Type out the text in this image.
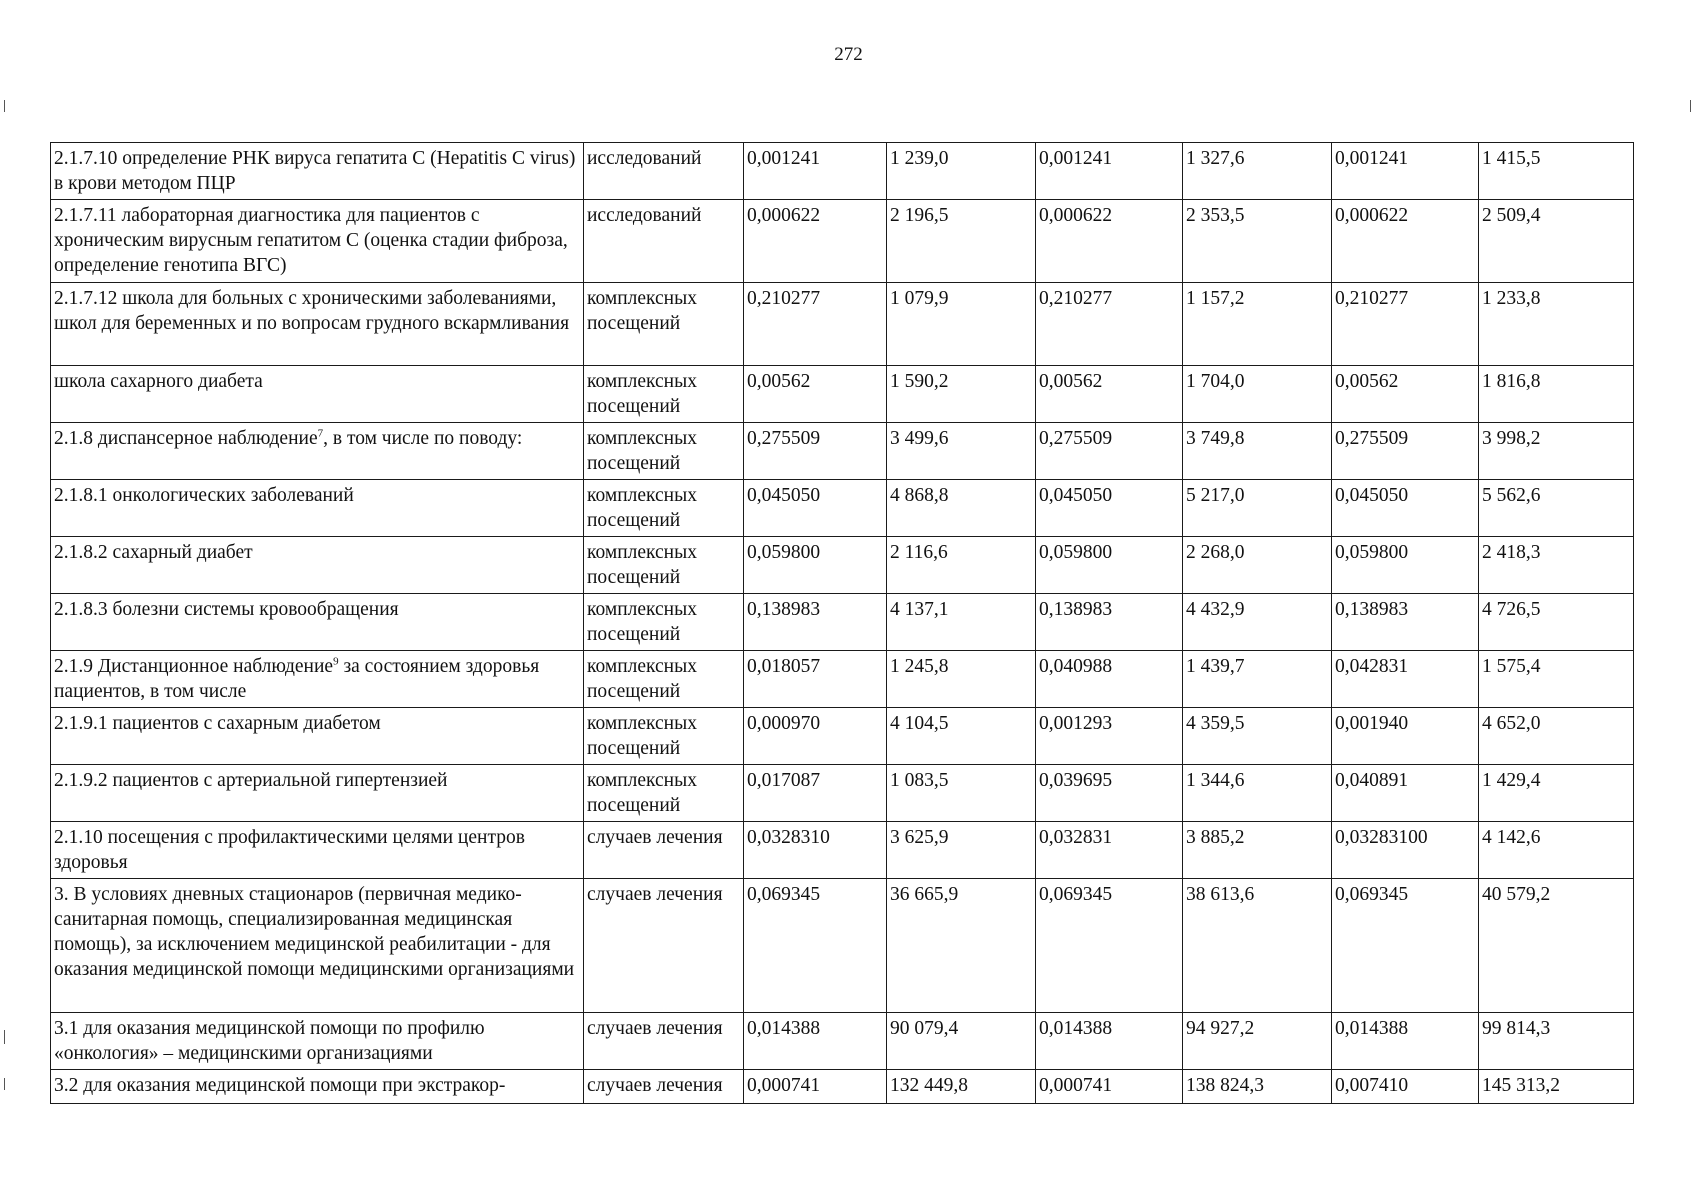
272
2.1.7.10 определение РНК вируса гепатита С (Hepatitis C virus) в крови методом ПЦР	исследований	0,001241	1 239,0	0,001241	1 327,6	0,001241	1 415,5
2.1.7.11 лабораторная диагностика для пациентов с хроническим вирусным гепатитом С (оценка стадии фиброза, определение генотипа ВГС)	исследований	0,000622	2 196,5	0,000622	2 353,5	0,000622	2 509,4
2.1.7.12 школа для больных с хроническими заболеваниями, школ для беременных и по вопросам грудного вскармливания	комплексных посещений	0,210277	1 079,9	0,210277	1 157,2	0,210277	1 233,8
школа сахарного диабета	комплексных посещений	0,00562	1 590,2	0,00562	1 704,0	0,00562	1 816,8
2.1.8 диспансерное наблюдение$^7$, в том числе по поводу:	комплексных посещений	0,275509	3 499,6	0,275509	3 749,8	0,275509	3 998,2
2.1.8.1 онкологических заболеваний	комплексных посещений	0,045050	4 868,8	0,045050	5 217,0	0,045050	5 562,6
2.1.8.2 сахарный диабет	комплексных посещений	0,059800	2 116,6	0,059800	2 268,0	0,059800	2 418,3
2.1.8.3 болезни системы кровообращения	комплексных посещений	0,138983	4 137,1	0,138983	4 432,9	0,138983	4 726,5
2.1.9 Дистанционное наблюдение$^9$ за состоянием здоровья пациентов, в том числе	комплексных посещений	0,018057	1 245,8	0,040988	1 439,7	0,042831	1 575,4
2.1.9.1 пациентов с сахарным диабетом	комплексных посещений	0,000970	4 104,5	0,001293	4 359,5	0,001940	4 652,0
2.1.9.2 пациентов с артериальной гипертензией	комплексных посещений	0,017087	1 083,5	0,039695	1 344,6	0,040891	1 429,4
2.1.10 посещения с профилактическими целями центров здоровья	случаев лечения	0,0328310	3 625,9	0,032831	3 885,2	0,03283100	4 142,6
3. В условиях дневных стационаров (первичная медико-санитарная помощь, специализированная медицинская помощь), за исключением медицинской реабилитации - для оказания медицинской помощи медицинскими организациями	случаев лечения	0,069345	36 665,9	0,069345	38 613,6	0,069345	40 579,2
3.1 для оказания медицинской помощи по профилю «онкология» – медицинскими организациями	случаев лечения	0,014388	90 079,4	0,014388	94 927,2	0,014388	99 814,3
3.2 для оказания медицинской помощи при экстракор-	случаев лечения	0,000741	132 449,8	0,000741	138 824,3	0,007410	145 313,2
